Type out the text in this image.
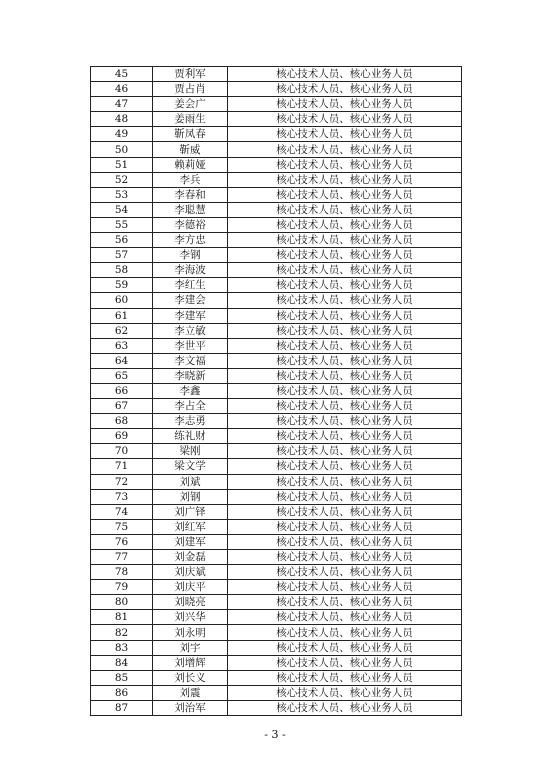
45	贾利军	核心技术人员、核心业务人员
46	贾占肖	核心技术人员、核心业务人员
47	姜会广	核心技术人员、核心业务人员
48	姜雨生	核心技术人员、核心业务人员
49	靳凤春	核心技术人员、核心业务人员
50	靳威	核心技术人员、核心业务人员
51	赖莉娅	核心技术人员、核心业务人员
52	李兵	核心技术人员、核心业务人员
53	李春和	核心技术人员、核心业务人员
54	李聪慧	核心技术人员、核心业务人员
55	李德裕	核心技术人员、核心业务人员
56	李方忠	核心技术人员、核心业务人员
57	李钢	核心技术人员、核心业务人员
58	李海波	核心技术人员、核心业务人员
59	李红生	核心技术人员、核心业务人员
60	李建会	核心技术人员、核心业务人员
61	李建军	核心技术人员、核心业务人员
62	李立敏	核心技术人员、核心业务人员
63	李世平	核心技术人员、核心业务人员
64	李文福	核心技术人员、核心业务人员
65	李晓新	核心技术人员、核心业务人员
66	李鑫	核心技术人员、核心业务人员
67	李占全	核心技术人员、核心业务人员
68	李志勇	核心技术人员、核心业务人员
69	练礼财	核心技术人员、核心业务人员
70	梁刚	核心技术人员、核心业务人员
71	梁文学	核心技术人员、核心业务人员
72	刘斌	核心技术人员、核心业务人员
73	刘钢	核心技术人员、核心业务人员
74	刘广铎	核心技术人员、核心业务人员
75	刘红军	核心技术人员、核心业务人员
76	刘建军	核心技术人员、核心业务人员
77	刘金磊	核心技术人员、核心业务人员
78	刘庆斌	核心技术人员、核心业务人员
79	刘庆平	核心技术人员、核心业务人员
80	刘晓亮	核心技术人员、核心业务人员
81	刘兴华	核心技术人员、核心业务人员
82	刘永明	核心技术人员、核心业务人员
83	刘宇	核心技术人员、核心业务人员
84	刘增辉	核心技术人员、核心业务人员
85	刘长义	核心技术人员、核心业务人员
86	刘震	核心技术人员、核心业务人员
87	刘治军	核心技术人员、核心业务人员
- 3 -
